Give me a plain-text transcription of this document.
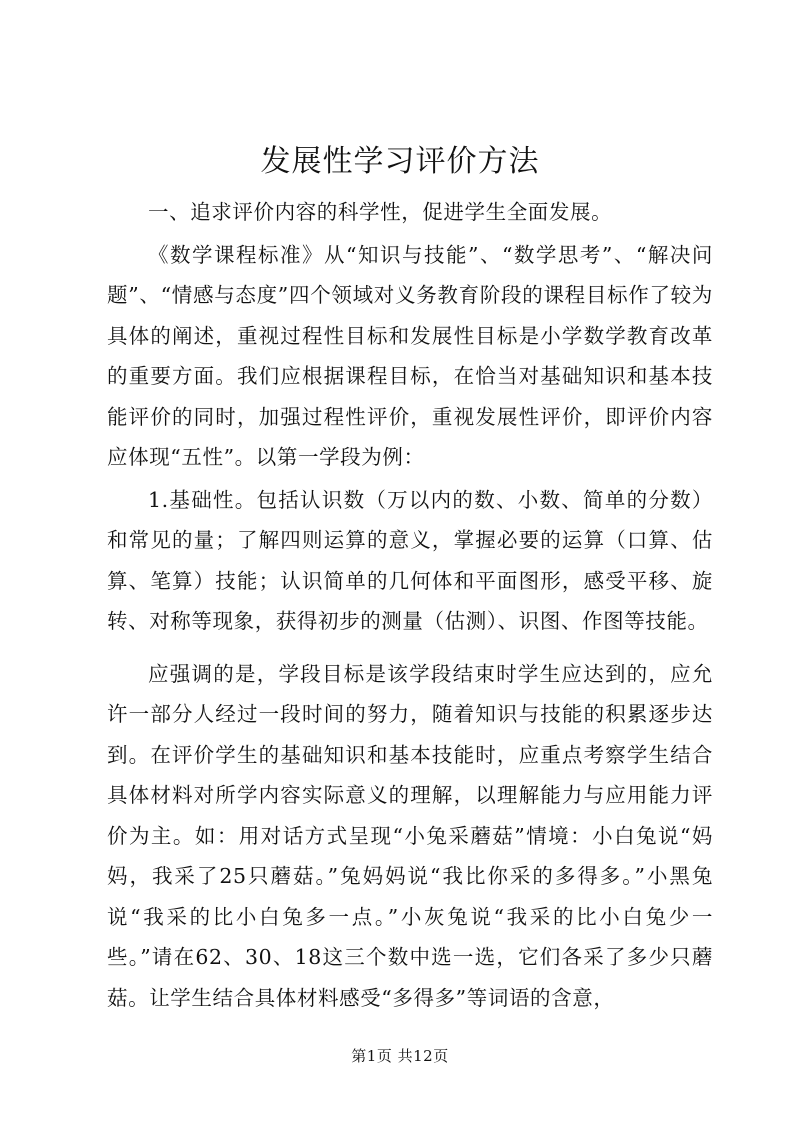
发展性学习评价方法

一、追求评价内容的科学性，促进学生全面发展。

《数学课程标准》从“知识与技能”、“数学思考”、“解决问题”、“情感与态度”四个领域对义务教育阶段的课程目标作了较为具体的阐述，重视过程性目标和发展性目标是小学数学教育改革的重要方面。我们应根据课程目标，在恰当对基础知识和基本技能评价的同时，加强过程性评价，重视发展性评价，即评价内容应体现“五性”。以第一学段为例：

1.基础性。包括认识数（万以内的数、小数、简单的分数）和常见的量；了解四则运算的意义，掌握必要的运算（口算、估算、笔算）技能；认识简单的几何体和平面图形，感受平移、旋转、对称等现象，获得初步的测量（估测）、识图、作图等技能。

应强调的是，学段目标是该学段结束时学生应达到的，应允许一部分人经过一段时间的努力，随着知识与技能的积累逐步达到。在评价学生的基础知识和基本技能时，应重点考察学生结合具体材料对所学内容实际意义的理解，以理解能力与应用能力评价为主。如：用对话方式呈现“小兔采蘑菇”情境：小白兔说“妈妈，我采了25只蘑菇。”兔妈妈说“我比你采的多得多。”小黑兔说“我采的比小白兔多一点。”小灰兔说“我采的比小白兔少一些。”请在62、30、18这三个数中选一选，它们各采了多少只蘑菇。让学生结合具体材料感受“多得多”等词语的含意，

第1页 共12页
